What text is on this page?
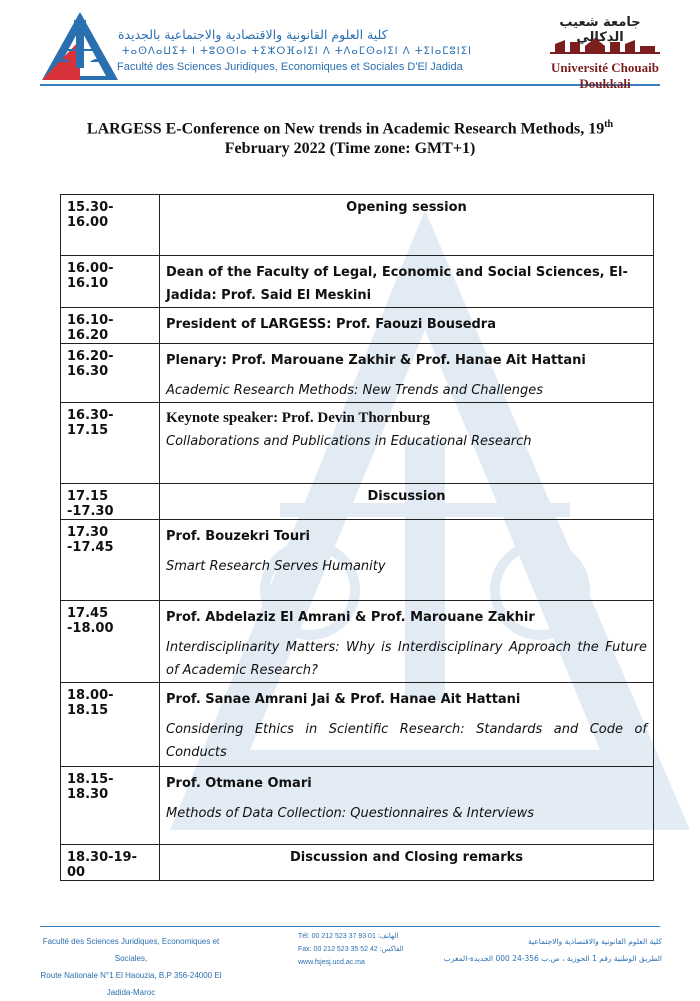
كلية العلوم القانونية والاقتصادية والاجتماعية بالجديدة
ⵜⴰⵙⴷⴰⵡⵉⵜ ⵏ ⵜⵓⵙⵙⵏⴰ ⵜⵉⵣⵔⴼⴰⵏⵉⵏ ⴷ ⵜⴷⴰⵎⵙⴰⵏⵉⵏ ⴷ ⵜⵉⵏⴰⵎⵓⵏⵉⵏ
Faculté des Sciences Juridiques, Economiques et Sociales D'El Jadida
جامعة شعيب الدكالي
Université Chouaib Doukkali
LARGESS E-Conference on New trends in Academic Research Methods, 19th
February 2022 (Time zone: GMT+1)
15.30-16.00	Opening session

16.00-16.10	Dean of the Faculty of Legal, Economic and Social Sciences, El-Jadida: Prof. Said El Meskini

16.10-16.20	President of LARGESS: Prof. Faouzi Bousedra

16.20-16.30	Plenary: Prof. Marouane Zakhir & Prof. Hanae Ait Hattani
Academic Research Methods: New Trends and Challenges

16.30-17.15	Keynote speaker: Prof. Devin Thornburg
Collaborations and Publications in Educational Research

17.15 -17.30	Discussion

17.30 -17.45	Prof. Bouzekri Touri
Smart Research Serves Humanity

17.45 -18.00	Prof. Abdelaziz El Amrani & Prof. Marouane Zakhir
Interdisciplinarity Matters: Why is Interdisciplinary Approach the Future of Academic Research?

18.00-18.15	Prof. Sanae Amrani Jai & Prof. Hanae Ait Hattani
Considering Ethics in Scientific Research: Standards and Code of Conducts

18.15-18.30	Prof. Otmane Omari
Methods of Data Collection: Questionnaires & Interviews

18.30-19-00	Discussion and Closing remarks
Faculté des Sciences Juridiques, Economiques et Sociales,
Route Nationale N°1 El Haouzia, B.P 356-24000 El Jadida-Maroc
Tél: 00 212 523 37 93 01 :الهاتف
Fax: 00 212 523 35 52 42 :الفاكس
www.fsjesj.ucd.ac.ma
كلية العلوم القانونية والاقتصادية والاجتماعية
الطريق الوطنية رقم 1 الحوزية ، ص.ب 356-24 000 الجديدة-المغرب
